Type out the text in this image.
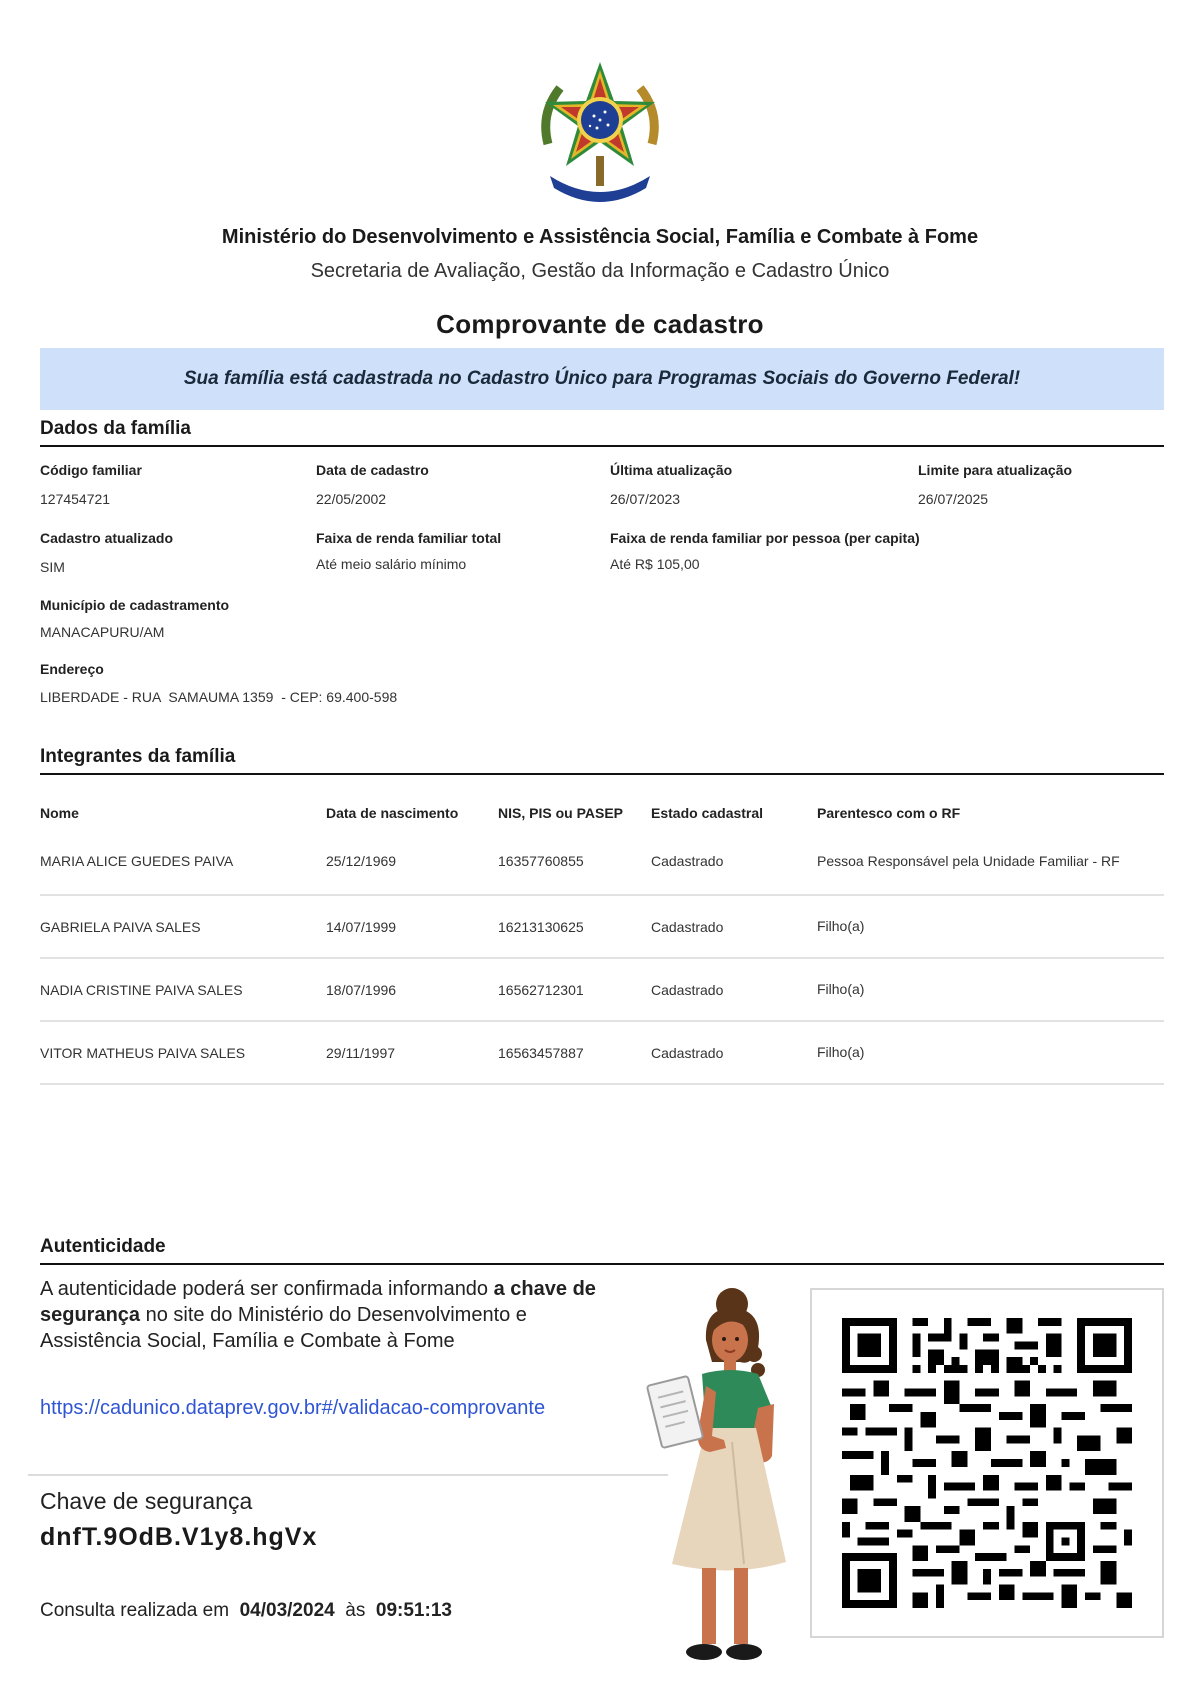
Ministério do Desenvolvimento e Assistência Social, Família e Combate à Fome
Secretaria de Avaliação, Gestão da Informação e Cadastro Único
Comprovante de cadastro
Sua família está cadastrada no Cadastro Único para Programas Sociais do Governo Federal!
Dados da família
Código familiar
127454721
Data de cadastro
22/05/2002
Última atualização
26/07/2023
Limite para atualização
26/07/2025
Cadastro atualizado
SIM
Faixa de renda familiar total
Até meio salário mínimo
Faixa de renda familiar por pessoa (per capita)
Até R$ 105,00
Município de cadastramento
MANACAPURU/AM
Endereço
LIBERDADE - RUA  SAMAUMA 1359  - CEP: 69.400-598
Integrantes da família
Nome	Data de nascimento	NIS, PIS ou PASEP	Estado cadastral	Parentesco com o RF
MARIA ALICE GUEDES PAIVA	25/12/1969	16357760855	Cadastrado	Pessoa Responsável pela Unidade Familiar - RF
GABRIELA PAIVA SALES	14/07/1999	16213130625	Cadastrado	Filho(a)
NADIA CRISTINE PAIVA SALES	18/07/1996	16562712301	Cadastrado	Filho(a)
VITOR MATHEUS PAIVA SALES	29/11/1997	16563457887	Cadastrado	Filho(a)
Autenticidade
A autenticidade poderá ser confirmada informando a chave de segurança no site do Ministério do Desenvolvimento e Assistência Social, Família e Combate à Fome
https://cadunico.dataprev.gov.br#/validacao-comprovante
Chave de segurança
dnfT.9OdB.V1y8.hgVx
Consulta realizada em 04/03/2024 às 09:51:13
